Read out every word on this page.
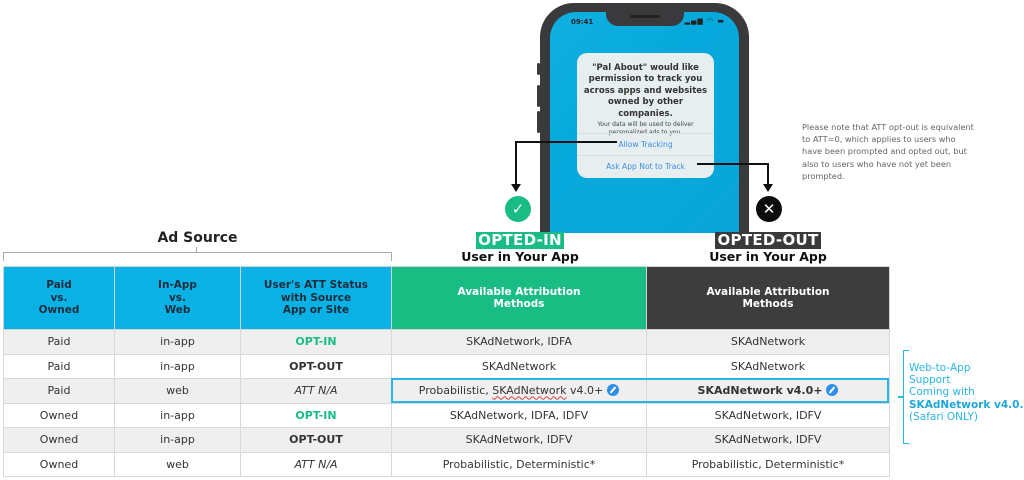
09:41	▂▄▆ ◠ ▬
"Pal About" would like permission to track you across apps and websites owned by other companies.
Your data will be used to deliver personalized ads to you.
Allow Tracking
Ask App Not to Track
✓	✕
Please note that ATT opt-out is equivalent to ATT=0, which applies to users who have been prompted and opted out, but also to users who have not yet been prompted.
OPTED-IN
User in Your App
OPTED-OUT
User in Your App
Ad Source
Paid
vs.
Owned

In-App
vs.
Web

User's ATT Status
with Source
App or Site

Available Attribution
Methods

Available Attribution
Methods

Paid	in-app	OPT-IN	SKAdNetwork, IDFA	SKAdNetwork
Paid	in-app	OPT-OUT	SKAdNetwork	SKAdNetwork
Paid	web	ATT N/A	Probabilistic, SKAdNetwork v4.0+	SKAdNetwork v4.0+
Owned	in-app	OPT-IN	SKAdNetwork, IDFA, IDFV	SKAdNetwork, IDFV
Owned	in-app	OPT-OUT	SKAdNetwork, IDFV	SKAdNetwork, IDFV
Owned	web	ATT N/A	Probabilistic, Deterministic*	Probabilistic, Deterministic*
Web-to-App
Support
Coming with
SKAdNetwork v4.0.
(Safari ONLY)
